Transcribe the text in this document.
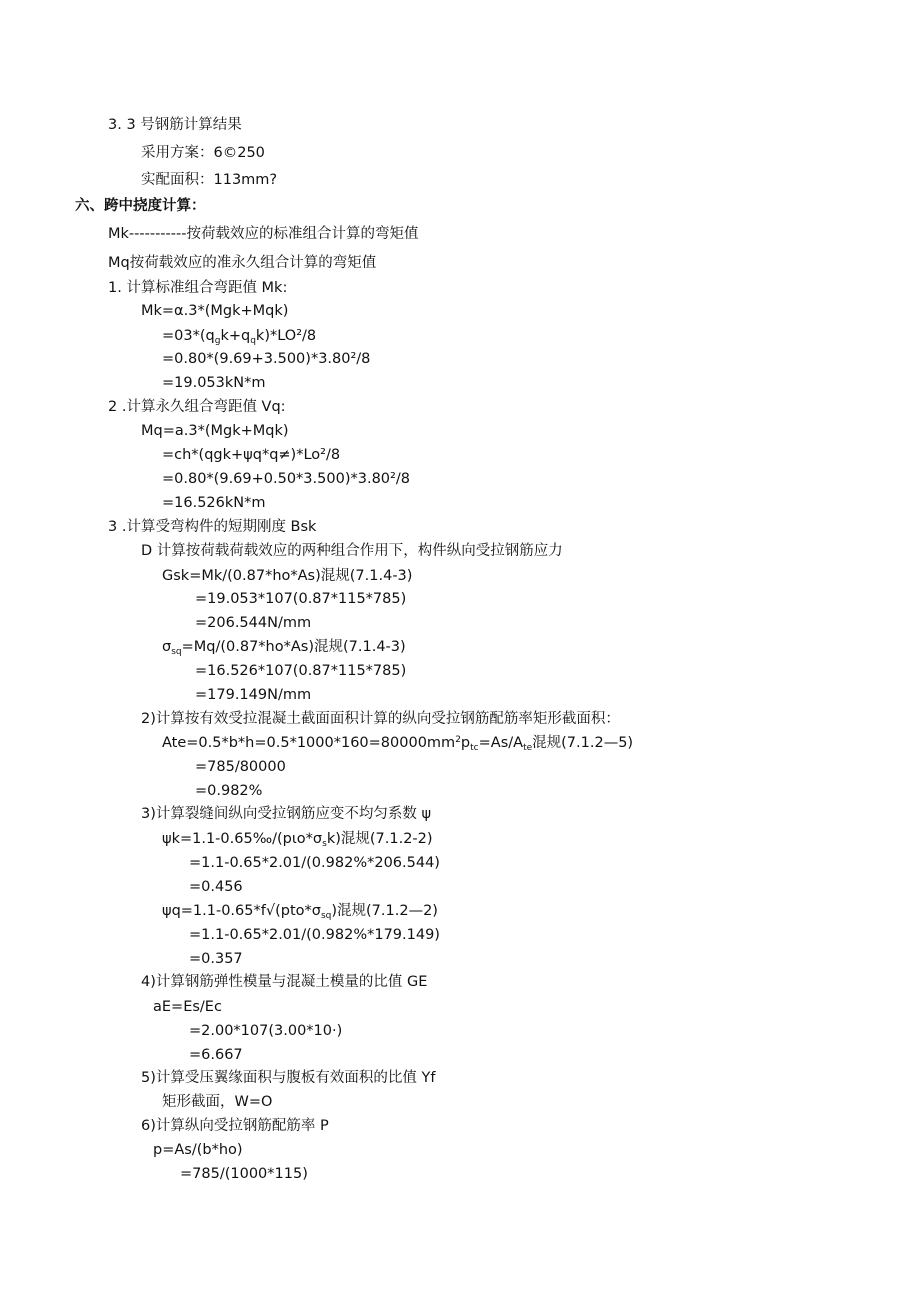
3. 3 号钢筋计算结果
采用方案：6©250
实配面积：113mm?
六、跨中挠度计算：
Mk-----------按荷载效应的标准组合计算的弯矩值
Mq按荷载效应的准永久组合计算的弯矩值
1. 计算标准组合弯距值 Mk:
Mk=α.3*(Mgk+Mqk)
$=03*(q_gk+q_qk)*LO^2/8$
=0.80*(9.69+3.500)*3.80²/8
=19.053kN*m
2 .计算永久组合弯距值 Vq:
Mq=a.3*(Mgk+Mqk)
=ch*(qgk+ψq*q≠)*Lo²/8
=0.80*(9.69+0.50*3.500)*3.80²/8
=16.526kN*m
3 .计算受弯构件的短期刚度 Bsk
D 计算按荷载荷载效应的两种组合作用下，构件纵向受拉钢筋应力
Gsk=Mk/(0.87*ho*As)混规(7.1.4-3)
=19.053*107(0.87*115*785)
=206.544N/mm
$\sigma_{sq}=Mq/(0.87*ho*As)$混规(7.1.4-3)
=16.526*107(0.87*115*785)
=179.149N/mm
2)计算按有效受拉混凝土截面面积计算的纵向受拉钢筋配筋率矩形截面积：
$Ate=0.5*b*h=0.5*1000*160=80000mm^2p_{tc}=As/A_{te}$混规(7.1.2—5)
=785/80000
=0.982%
3)计算裂缝间纵向受拉钢筋应变不均匀系数 ψ
$\psi k=1.1-0.65‰/(p\iota o*\sigma_sk)$混规(7.1.2-2)
=1.1-0.65*2.01/(0.982%*206.544)
=0.456
$\psi q=1.1-0.65*f√(pto*\sigma_{sq})$混规(7.1.2—2)
=1.1-0.65*2.01/(0.982%*179.149)
=0.357
4)计算钢筋弹性模量与混凝土模量的比值 GE
aE=Es/Ec
=2.00*107(3.00*10·)
=6.667
5)计算受压翼缘面积与腹板有效面积的比值 Yf
矩形截面，W=O
6)计算纵向受拉钢筋配筋率 P
p=As/(b*ho)
=785/(1000*115)
